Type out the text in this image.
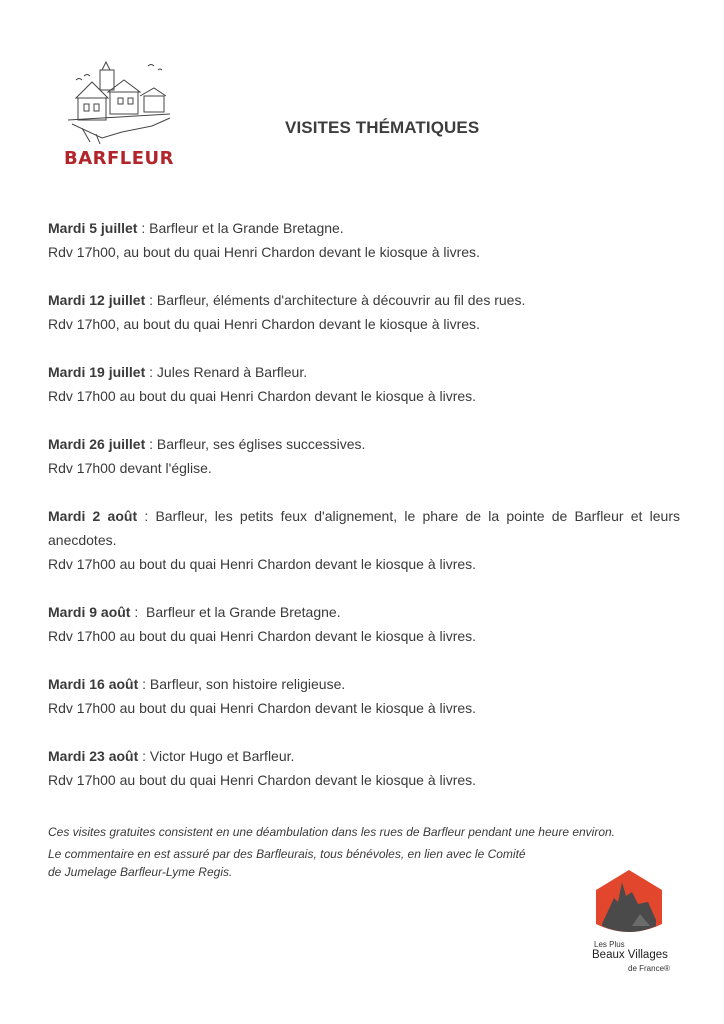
BARFLEUR
VISITES THÉMATIQUES

Mardi 5 juillet : Barfleur et la Grande Bretagne.

Rdv 17h00, au bout du quai Henri Chardon devant le kiosque à livres.

Mardi 12 juillet : Barfleur, éléments d'architecture à découvrir au fil des rues.

Rdv 17h00, au bout du quai Henri Chardon devant le kiosque à livres.

Mardi 19 juillet : Jules Renard à Barfleur.

Rdv 17h00 au bout du quai Henri Chardon devant le kiosque à livres.

Mardi 26 juillet : Barfleur, ses églises successives.

Rdv 17h00 devant l'église.

Mardi 2 août : Barfleur, les petits feux d'alignement, le phare de la pointe de Barfleur et leurs anecdotes.

Rdv 17h00 au bout du quai Henri Chardon devant le kiosque à livres.

Mardi 9 août :  Barfleur et la Grande Bretagne.

Rdv 17h00 au bout du quai Henri Chardon devant le kiosque à livres.

Mardi 16 août : Barfleur, son histoire religieuse.

Rdv 17h00 au bout du quai Henri Chardon devant le kiosque à livres.

Mardi 23 août : Victor Hugo et Barfleur.

Rdv 17h00 au bout du quai Henri Chardon devant le kiosque à livres.

Ces visites gratuites consistent en une déambulation dans les rues de Barfleur pendant une heure environ.

Le commentaire en est assuré par des Barfleurais, tous bénévoles, en lien avec le Comité

de Jumelage Barfleur-Lyme Regis.

Les Plus
Beaux Villages
de France®
